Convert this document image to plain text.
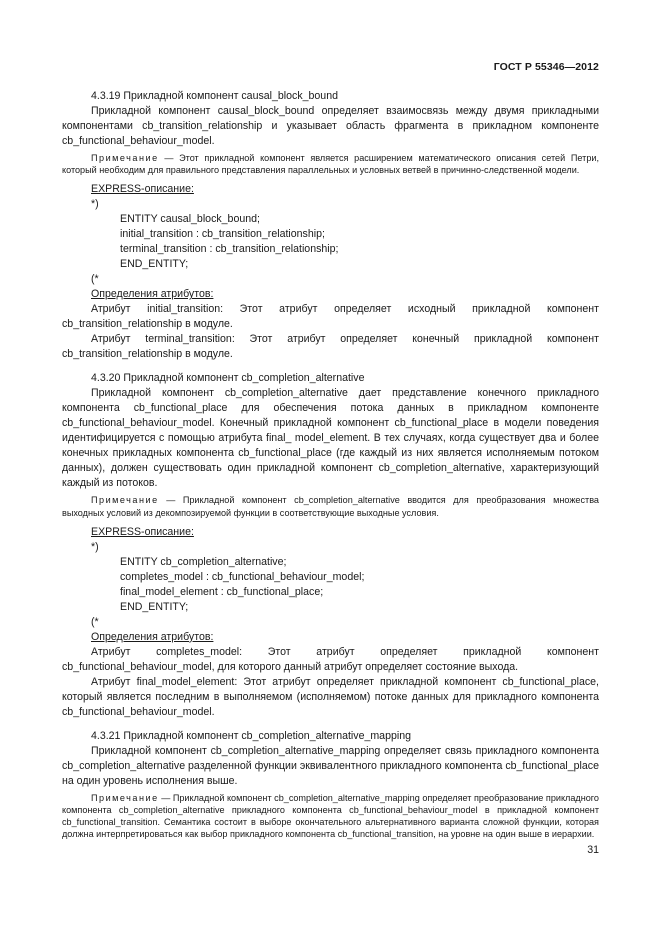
ГОСТ Р 55346—2012

4.3.19 Прикладной компонент causal_block_bound

Прикладной компонент causal_block_bound определяет взаимосвязь между двумя прикладными компонентами cb_transition_relationship и указывает область фрагмента в прикладном компоненте cb_functional_behaviour_model.

Примечание — Этот прикладной компонент является расширением математического описания сетей Петри, который необходим для правильного представления параллельных и условных ветвей в причинно-следственной модели.

EXPRESS-описание:

*)

ENTITY causal_block_bound;

initial_transition : cb_transition_relationship;

terminal_transition : cb_transition_relationship;

END_ENTITY;

(*

Определения атрибутов:

Атрибут initial_transition: Этот атрибут определяет исходный прикладной компонент cb_transition_relationship в модуле.

Атрибут terminal_transition: Этот атрибут определяет конечный прикладной компонент cb_transition_relationship в модуле.

4.3.20 Прикладной компонент cb_completion_alternative

Прикладной компонент cb_completion_alternative дает представление конечного прикладного компонента cb_functional_place для обеспечения потока данных в прикладном компоненте cb_functional_behaviour_model. Конечный прикладной компонент cb_functional_place в модели поведения идентифицируется с помощью атрибута final_ model_element. В тех случаях, когда существует два и более конечных прикладных компонента cb_functional_place (где каждый из них является исполняемым потоком данных), должен существовать один прикладной компонент cb_completion_alternative, характеризующий каждый из потоков.

Примечание — Прикладной компонент cb_completion_alternative вводится для преобразования множества выходных условий из декомпозируемой функции в соответствующие выходные условия.

EXPRESS-описание:

*)

ENTITY cb_completion_alternative;

completes_model : cb_functional_behaviour_model;

final_model_element : cb_functional_place;

END_ENTITY;

(*

Определения атрибутов:

Атрибут completes_model: Этот атрибут определяет прикладной компонент cb_functional_behaviour_model, для которого данный атрибут определяет состояние выхода.

Атрибут final_model_element: Этот атрибут определяет прикладной компонент cb_functional_place, который является последним в выполняемом (исполняемом) потоке данных для прикладного компонента cb_functional_behaviour_model.

4.3.21 Прикладной компонент cb_completion_alternative_mapping

Прикладной компонент cb_completion_alternative_mapping определяет связь прикладного компонента cb_completion_alternative разделенной функции эквивалентного прикладного компонента cb_functional_place на один уровень исполнения выше.

Примечание — Прикладной компонент cb_completion_alternative_mapping определяет преобразование прикладного компонента cb_completion_alternative прикладного компонента cb_functional_behaviour_model в прикладной компонент cb_functional_transition. Семантика состоит в выборе окончательного альтернативного варианта сложной функции, которая должна интерпретироваться как выбор прикладного компонента cb_functional_transition, на уровне на один выше в иерархии.

31
